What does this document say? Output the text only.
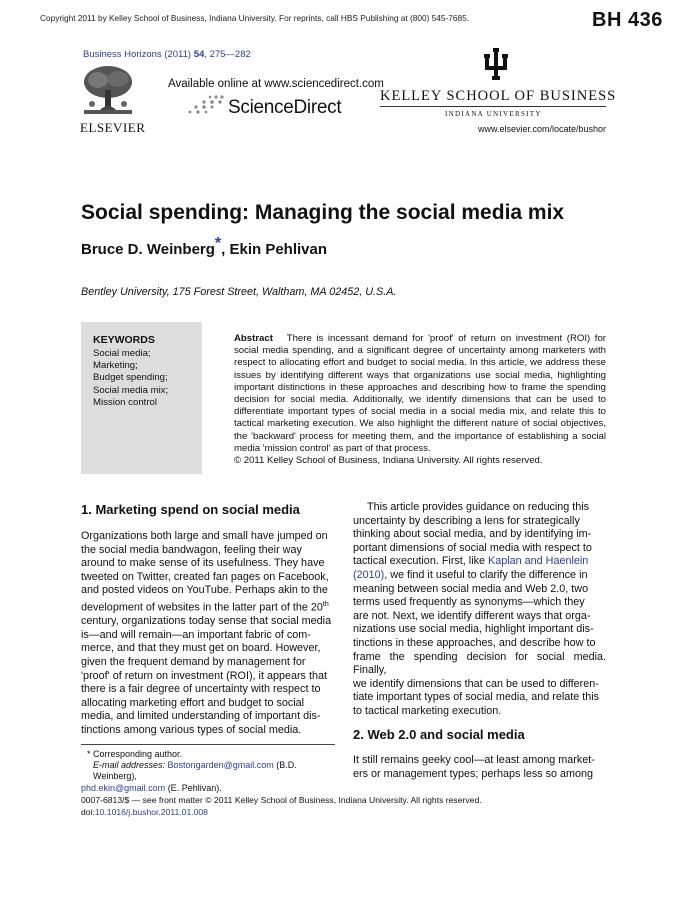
Copyright 2011 by Kelley School of Business, Indiana University. For reprints, call HBS Publishing at (800) 545-7685.	BH 436
Business Horizons (2011) 54, 275—282
ELSEVIER
Available online at www.sciencedirect.com
ScienceDirect
KELLEY SCHOOL OF BUSINESS
INDIANA UNIVERSITY
www.elsevier.com/locate/bushor
Social spending: Managing the social media mix
Bruce D. Weinberg*, Ekin Pehlivan
Bentley University, 175 Forest Street, Waltham, MA 02452, U.S.A.
KEYWORDS
Social media;
Marketing;
Budget spending;
Social media mix;
Mission control
Abstract There is incessant demand for 'proof' of return on investment (ROI) for social media spending, and a significant degree of uncertainty among marketers with respect to allocating effort and budget to social media. In this article, we address these issues by identifying different ways that organizations use social media, highlighting important distinctions in these approaches and describing how to frame the spending decision for social media. Additionally, we identify dimensions that can be used to differentiate important types of social media in a social media mix, and relate this to tactical marketing execution. We also highlight the different nature of social objectives, the 'backward' process for meeting them, and the importance of establishing a social media 'mission control' as part of that process.
© 2011 Kelley School of Business, Indiana University. All rights reserved.
1. Marketing spend on social media
Organizations both large and small have jumped on
the social media bandwagon, feeling their way
around to make sense of its usefulness. They have
tweeted on Twitter, created fan pages on Facebook,
and posted videos on YouTube. Perhaps akin to the
development of websites in the latter part of the 20th
century, organizations today sense that social media
is—and will remain—an important fabric of com-
merce, and that they must get on board. However,
given the frequent demand by management for
'proof' of return on investment (ROI), it appears that
there is a fair degree of uncertainty with respect to
allocating marketing effort and budget to social
media, and limited understanding of important dis-
tinctions among various types of social media.
This article provides guidance on reducing this
uncertainty by describing a lens for strategically
thinking about social media, and by identifying im-
portant dimensions of social media with respect to
tactical execution. First, like Kaplan and Haenlein
(2010), we find it useful to clarify the difference in
meaning between social media and Web 2.0, two
terms used frequently as synonyms—which they
are not. Next, we identify different ways that orga-
nizations use social media, highlight important dis-
tinctions in these approaches, and describe how to
frame the spending decision for social media. Finally,
we identify dimensions that can be used to differen-
tiate important types of social media, and relate this
to tactical marketing execution.
2. Web 2.0 and social media
It still remains geeky cool—at least among market-
ers or management types; perhaps less so among
* Corresponding author.
E-mail addresses: Bostongarden@gmail.com (B.D. Weinberg),
phd.ekin@gmail.com (E. Pehlivan).
0007-6813/$ — see front matter © 2011 Kelley School of Business, Indiana University. All rights reserved.
doi:10.1016/j.bushor.2011.01.008
